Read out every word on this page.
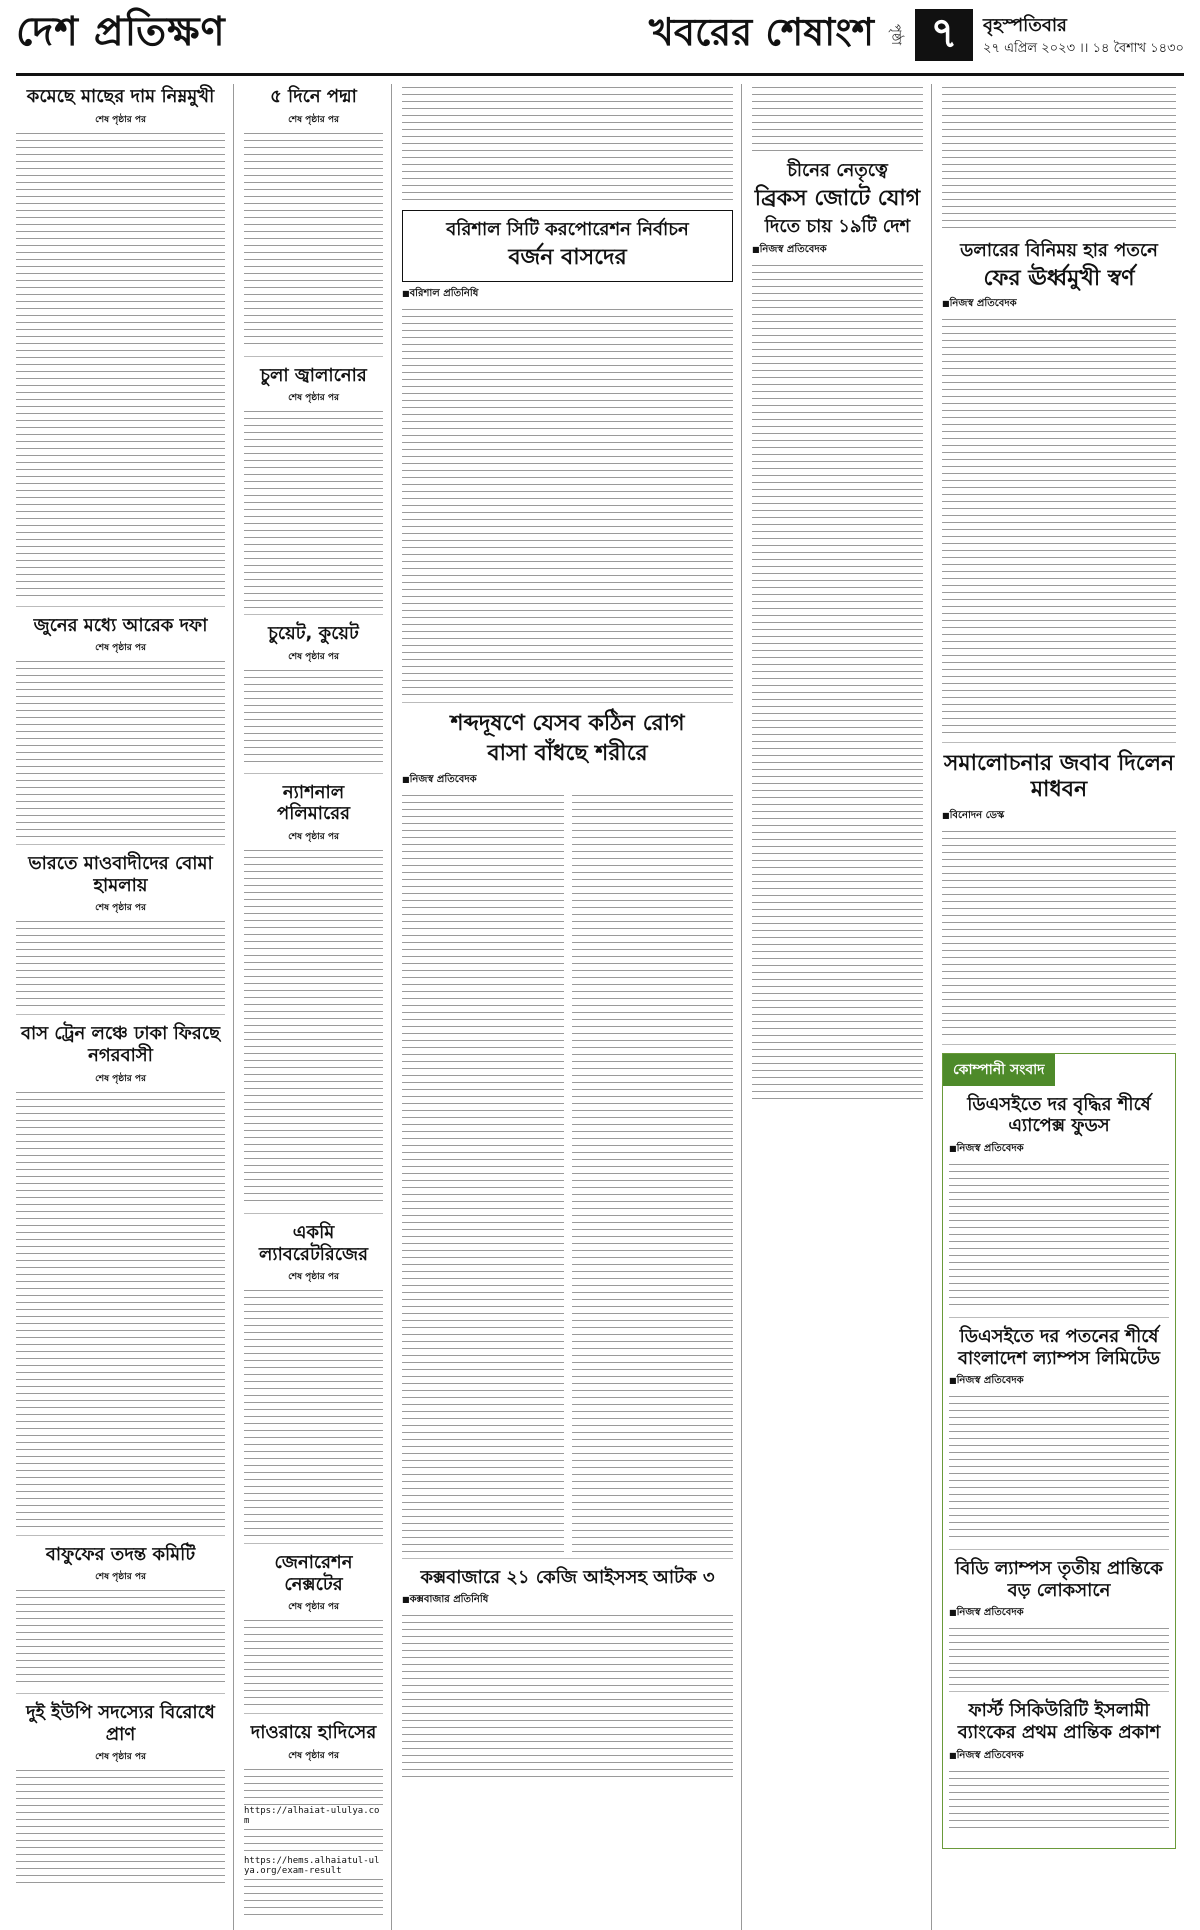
দেশ প্রতিক্ষণ	খবরের শেষাংশ	পৃষ্ঠা ৭	বৃহস্পতিবার
২৭ এপ্রিল ২০২৩ ।। ১৪ বৈশাখ ১৪৩০
কমেছে মাছের দাম নিম্নমুখী
শেষ পৃষ্ঠার পর
জুনের মধ্যে আরেক দফা
শেষ পৃষ্ঠার পর
ভারতে মাওবাদীদের বোমা হামলায়
শেষ পৃষ্ঠার পর
বাস ট্রেন লঞ্চে ঢাকা ফিরছে নগরবাসী
শেষ পৃষ্ঠার পর
বাফুফের তদন্ত কমিটি
শেষ পৃষ্ঠার পর
দুই ইউপি সদস্যের বিরোধে প্রাণ
শেষ পৃষ্ঠার পর
৫ দিনে পদ্মা
শেষ পৃষ্ঠার পর
চুলা জ্বালানোর
শেষ পৃষ্ঠার পর
চুয়েট, কুয়েট
শেষ পৃষ্ঠার পর
ন্যাশনাল পলিমারের
শেষ পৃষ্ঠার পর
একমি ল্যাবরেটরিজের
শেষ পৃষ্ঠার পর
জেনারেশন নেক্সটের
শেষ পৃষ্ঠার পর
দাওরায়ে হাদিসের
শেষ পৃষ্ঠার পর
https://alhaiat-ululya.com
https://hems.alhaiatul-ulya.org/exam-result
বরিশাল সিটি করপোরেশন নির্বাচন
বর্জন বাসদের
■ বরিশাল প্রতিনিধি
শব্দদূষণে যেসব কঠিন রোগ
বাসা বাঁধছে শরীরে
■ নিজস্ব প্রতিবেদক
কক্সবাজারে ২১ কেজি আইসসহ আটক ৩
■ কক্সবাজার প্রতিনিধি
চীনের নেতৃত্বে
ব্রিকস জোটে যোগ
দিতে চায় ১৯টি দেশ
■ নিজস্ব প্রতিবেদক	ডলারের বিনিময় হার পতনে
ফের ঊর্ধ্বমুখী স্বর্ণ
■ নিজস্ব প্রতিবেদক
সমালোচনার জবাব দিলেন মাধবন
■ বিনোদন ডেস্ক
কোম্পানী সংবাদ
ডিএসইতে দর বৃদ্ধির শীর্ষে এ্যাপেক্স ফুডস
■ নিজস্ব প্রতিবেদক
ডিএসইতে দর পতনের শীর্ষে বাংলাদেশ ল্যাম্পস লিমিটেড
■ নিজস্ব প্রতিবেদক
বিডি ল্যাম্পস তৃতীয় প্রান্তিকে বড় লোকসানে
■ নিজস্ব প্রতিবেদক
ফার্স্ট সিকিউরিটি ইসলামী ব্যাংকের প্রথম প্রান্তিক প্রকাশ
■ নিজস্ব প্রতিবেদক
